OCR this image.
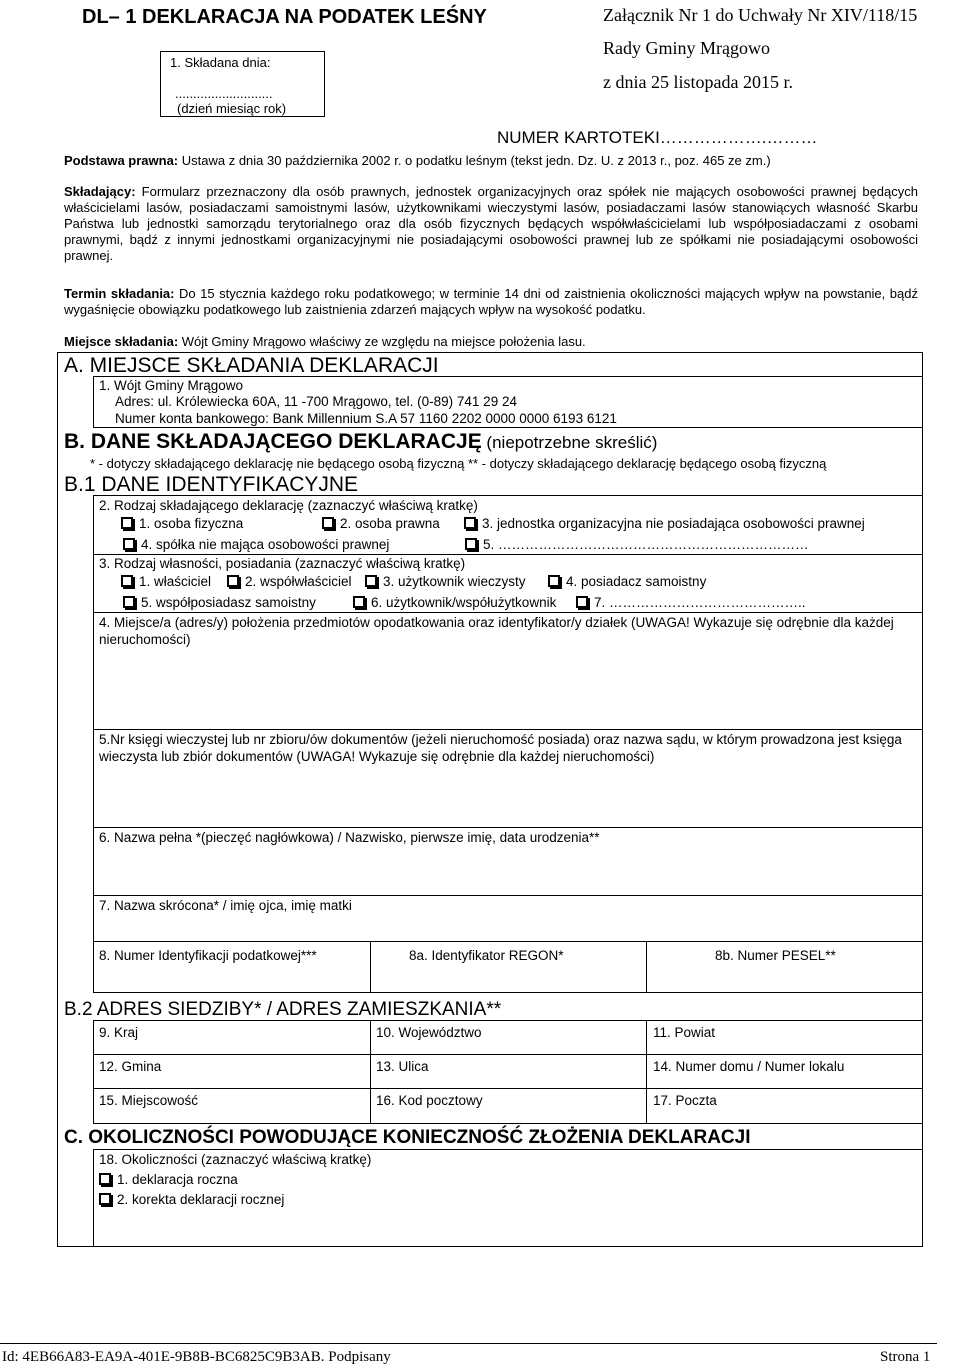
DL– 1 DEKLARACJA NA PODATEK LEŚNY	Załącznik Nr 1 do Uchwały Nr XIV/118/15
Rady Gminy Mrągowo
z dnia 25 listopada 2015 r.
1. Składana dnia:
...........................
(dzień miesiąc rok)
NUMER KARTOTEKI……………….………
Podstawa prawna: Ustawa z dnia 30 października 2002 r. o podatku leśnym (tekst jedn. Dz. U. z 2013 r., poz. 465 ze zm.)
Składający: Formularz przeznaczony dla osób prawnych, jednostek organizacyjnych oraz spółek nie mających osobowości prawnej będących właścicielami lasów, posiadaczami samoistnymi lasów, użytkownikami wieczystymi lasów, posiadaczami lasów stanowiących własność Skarbu Państwa lub jednostki samorządu terytorialnego oraz dla osób fizycznych będących współwłaścicielami lub współposiadaczami z osobami prawnymi, bądź z innymi jednostkami organizacyjnymi nie posiadającymi osobowości prawnej lub ze spółkami nie posiadającymi osobowości prawnej.
Termin składania: Do 15 stycznia każdego roku podatkowego; w terminie 14 dni od zaistnienia okoliczności mających wpływ na powstanie, bądź wygaśnięcie obowiązku podatkowego lub zaistnienia zdarzeń mających wpływ na wysokość podatku.
Miejsce składania: Wójt Gminy Mrągowo właściwy ze względu na miejsce położenia lasu.
A. MIEJSCE SKŁADANIA DEKLARACJI
1. Wójt Gminy Mrągowo
Adres: ul. Królewiecka 60A, 11 -700 Mrągowo, tel. (0-89) 741 29 24
Numer konta bankowego: Bank Millennium S.A 57 1160 2202 0000 0000 6193 6121
B. DANE SKŁADAJĄCEGO DEKLARACJĘ (niepotrzebne skreślić)
* - dotyczy składającego deklarację nie będącego osobą fizyczną ** - dotyczy składającego deklarację będącego osobą fizyczną
B.1 DANE IDENTYFIKACYJNE
2. Rodzaj składającego deklarację (zaznaczyć właściwą kratkę)
1. osoba fizyczna	2. osoba prawna	3. jednostka organizacyjna nie posiadająca osobowości prawnej
4. spółka nie mająca osobowości prawnej	5. ……………………………………………………………
3. Rodzaj własności, posiadania (zaznaczyć właściwą kratkę)
1. właściciel	2. współwłaściciel	3. użytkownik wieczysty	4. posiadacz samoistny
5. współposiadasz samoistny	6. użytkownik/współużytkownik	7. ……………………………………..
4. Miejsce/a (adres/y) położenia przedmiotów opodatkowania oraz identyfikator/y działek (UWAGA! Wykazuje się odrębnie dla każdej nieruchomości)
5.Nr księgi wieczystej lub nr zbioru/ów dokumentów (jeżeli nieruchomość posiada) oraz nazwa sądu, w którym prowadzona jest księga wieczysta lub zbiór dokumentów (UWAGA! Wykazuje się odrębnie dla każdej nieruchomości)
6. Nazwa pełna *(pieczęć nagłówkowa) / Nazwisko, pierwsze imię, data urodzenia**
7. Nazwa skrócona* / imię ojca, imię matki
8. Numer Identyfikacji podatkowej***	8a. Identyfikator REGON*	8b. Numer PESEL**
B.2 ADRES SIEDZIBY* / ADRES ZAMIESZKANIA**
9. Kraj	10. Województwo	11. Powiat
12. Gmina	13. Ulica	14. Numer domu / Numer lokalu
15. Miejscowość	16. Kod pocztowy	17. Poczta
C. OKOLICZNOŚCI POWODUJĄCE KONIECZNOŚĆ ZŁOŻENIA DEKLARACJI
18. Okoliczności (zaznaczyć właściwą kratkę)
1. deklaracja roczna
2. korekta deklaracji rocznej
Id: 4EB66A83-EA9A-401E-9B8B-BC6825C9B3AB. Podpisany	Strona 1
